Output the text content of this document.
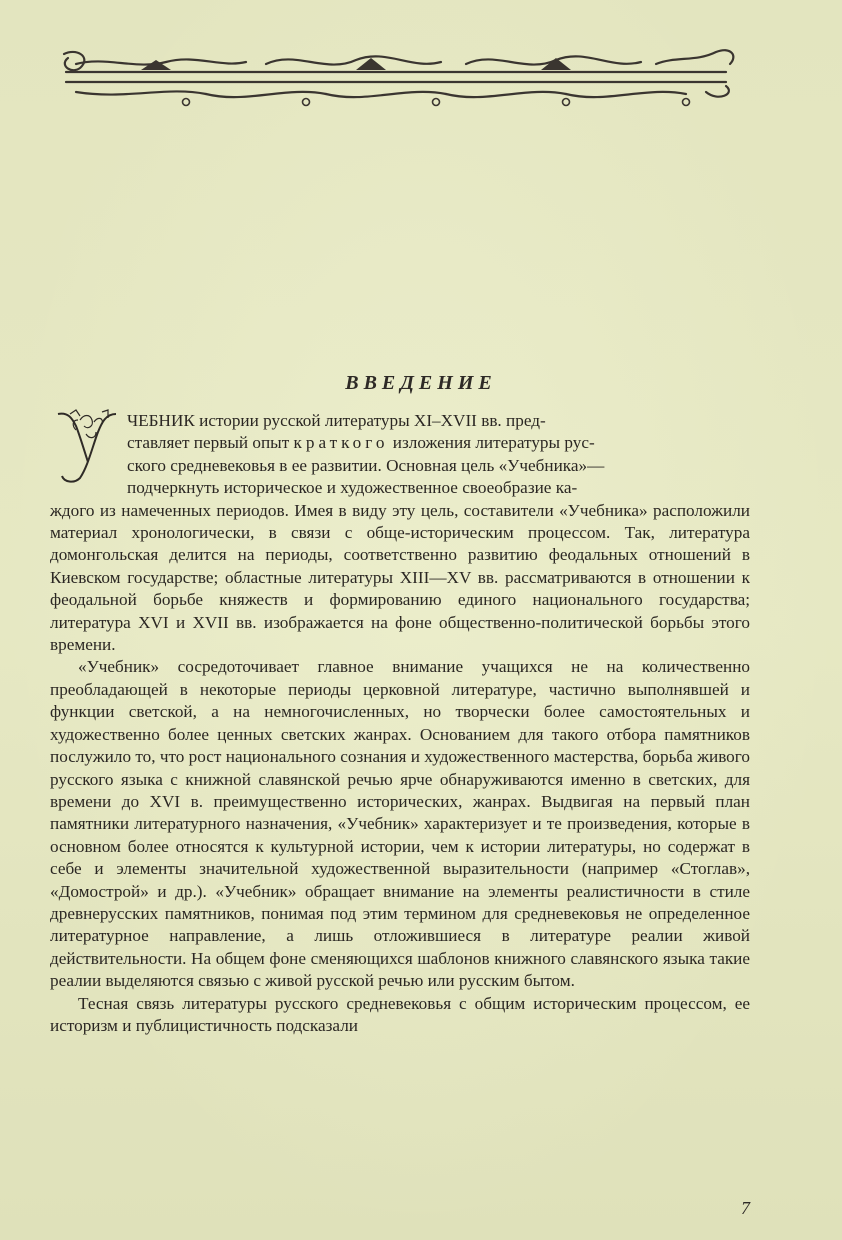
ВВЕДЕНИЕ

ЧЕБНИК истории русской литературы XI–XVII вв. пред-

ставляет первый опыт краткого изложения литературы рус-

ского средневековья в ее развитии. Основная цель «Учебника»—

подчеркнуть историческое и художественное своеобразие ка-

ждого из намеченных периодов. Имея в виду эту цель, составители «Учебника» расположили материал хронологически, в связи с обще-историческим процессом. Так, литература домонгольская делится на периоды, соответственно развитию феодальных отношений в Киевском государстве; областные литературы XIII—XV вв. рассматриваются в отношении к феодальной борьбе княжеств и формированию единого национального государства; литература XVI и XVII вв. изображается на фоне общественно-политической борьбы этого времени.

«Учебник» сосредоточивает главное внимание учащихся не на количественно преобладающей в некоторые периоды церковной литературе, частично выполнявшей и функции светской, а на немногочисленных, но творчески более самостоятельных и художественно более ценных светских жанрах. Основанием для такого отбора памятников послужило то, что рост национального сознания и художественного мастерства, борьба живого русского языка с книжной славянской речью ярче обнаруживаются именно в светских, для времени до XVI в. преимущественно исторических, жанрах. Выдвигая на первый план памятники литературного назначения, «Учебник» характеризует и те произведения, которые в основном более относятся к культурной истории, чем к истории литературы, но содержат в себе и элементы значительной художественной выразительности (например «Стоглав», «Домострой» и др.). «Учебник» обращает внимание на элементы реалистичности в стиле древнерусских памятников, понимая под этим термином для средневековья не определенное литературное направление, а лишь отложившиеся в литературе реалии живой действительности. На общем фоне сменяющихся шаблонов книжного славянского языка такие реалии выделяются связью с живой русской речью или русским бытом.

Тесная связь литературы русского средневековья с общим историческим процессом, ее историзм и публицистичность подсказали

7
